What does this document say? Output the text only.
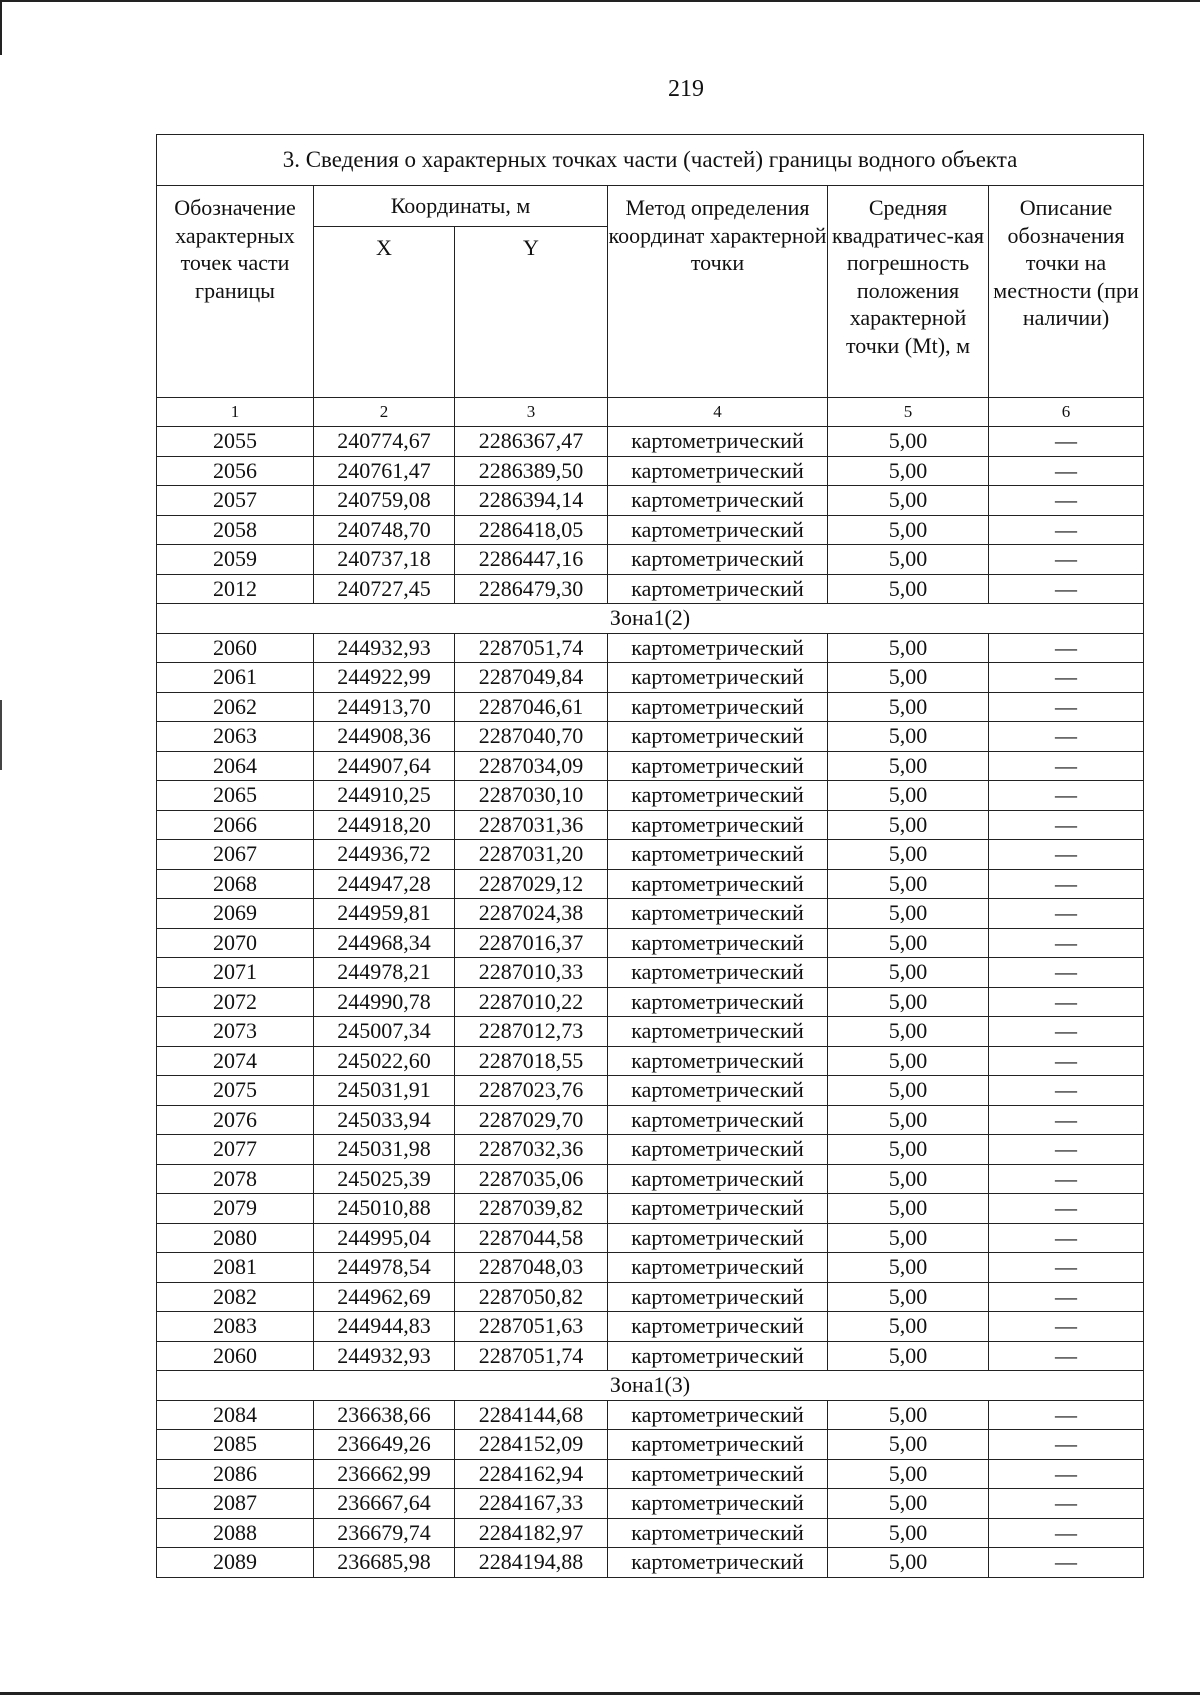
219
3. Сведения о характерных точках части (частей) границы водного объекта					
Обозначение характерных точек части границы	Координаты, м		Метод определения координат характерной точки	Средняя квадратичес-кая погрешность положения характерной точки (Mt), м	Описание обозначения точки на местности (при наличии)
	X	Y			
1	2	3	4	5	6
2055	240774,67	2286367,47	картометрический	5,00	—
2056	240761,47	2286389,50	картометрический	5,00	—
2057	240759,08	2286394,14	картометрический	5,00	—
2058	240748,70	2286418,05	картометрический	5,00	—
2059	240737,18	2286447,16	картометрический	5,00	—
2012	240727,45	2286479,30	картометрический	5,00	—
Зона1(2)					
2060	244932,93	2287051,74	картометрический	5,00	—
2061	244922,99	2287049,84	картометрический	5,00	—
2062	244913,70	2287046,61	картометрический	5,00	—
2063	244908,36	2287040,70	картометрический	5,00	—
2064	244907,64	2287034,09	картометрический	5,00	—
2065	244910,25	2287030,10	картометрический	5,00	—
2066	244918,20	2287031,36	картометрический	5,00	—
2067	244936,72	2287031,20	картометрический	5,00	—
2068	244947,28	2287029,12	картометрический	5,00	—
2069	244959,81	2287024,38	картометрический	5,00	—
2070	244968,34	2287016,37	картометрический	5,00	—
2071	244978,21	2287010,33	картометрический	5,00	—
2072	244990,78	2287010,22	картометрический	5,00	—
2073	245007,34	2287012,73	картометрический	5,00	—
2074	245022,60	2287018,55	картометрический	5,00	—
2075	245031,91	2287023,76	картометрический	5,00	—
2076	245033,94	2287029,70	картометрический	5,00	—
2077	245031,98	2287032,36	картометрический	5,00	—
2078	245025,39	2287035,06	картометрический	5,00	—
2079	245010,88	2287039,82	картометрический	5,00	—
2080	244995,04	2287044,58	картометрический	5,00	—
2081	244978,54	2287048,03	картометрический	5,00	—
2082	244962,69	2287050,82	картометрический	5,00	—
2083	244944,83	2287051,63	картометрический	5,00	—
2060	244932,93	2287051,74	картометрический	5,00	—
Зона1(3)					
2084	236638,66	2284144,68	картометрический	5,00	—
2085	236649,26	2284152,09	картометрический	5,00	—
2086	236662,99	2284162,94	картометрический	5,00	—
2087	236667,64	2284167,33	картометрический	5,00	—
2088	236679,74	2284182,97	картометрический	5,00	—
2089	236685,98	2284194,88	картометрический	5,00	—
